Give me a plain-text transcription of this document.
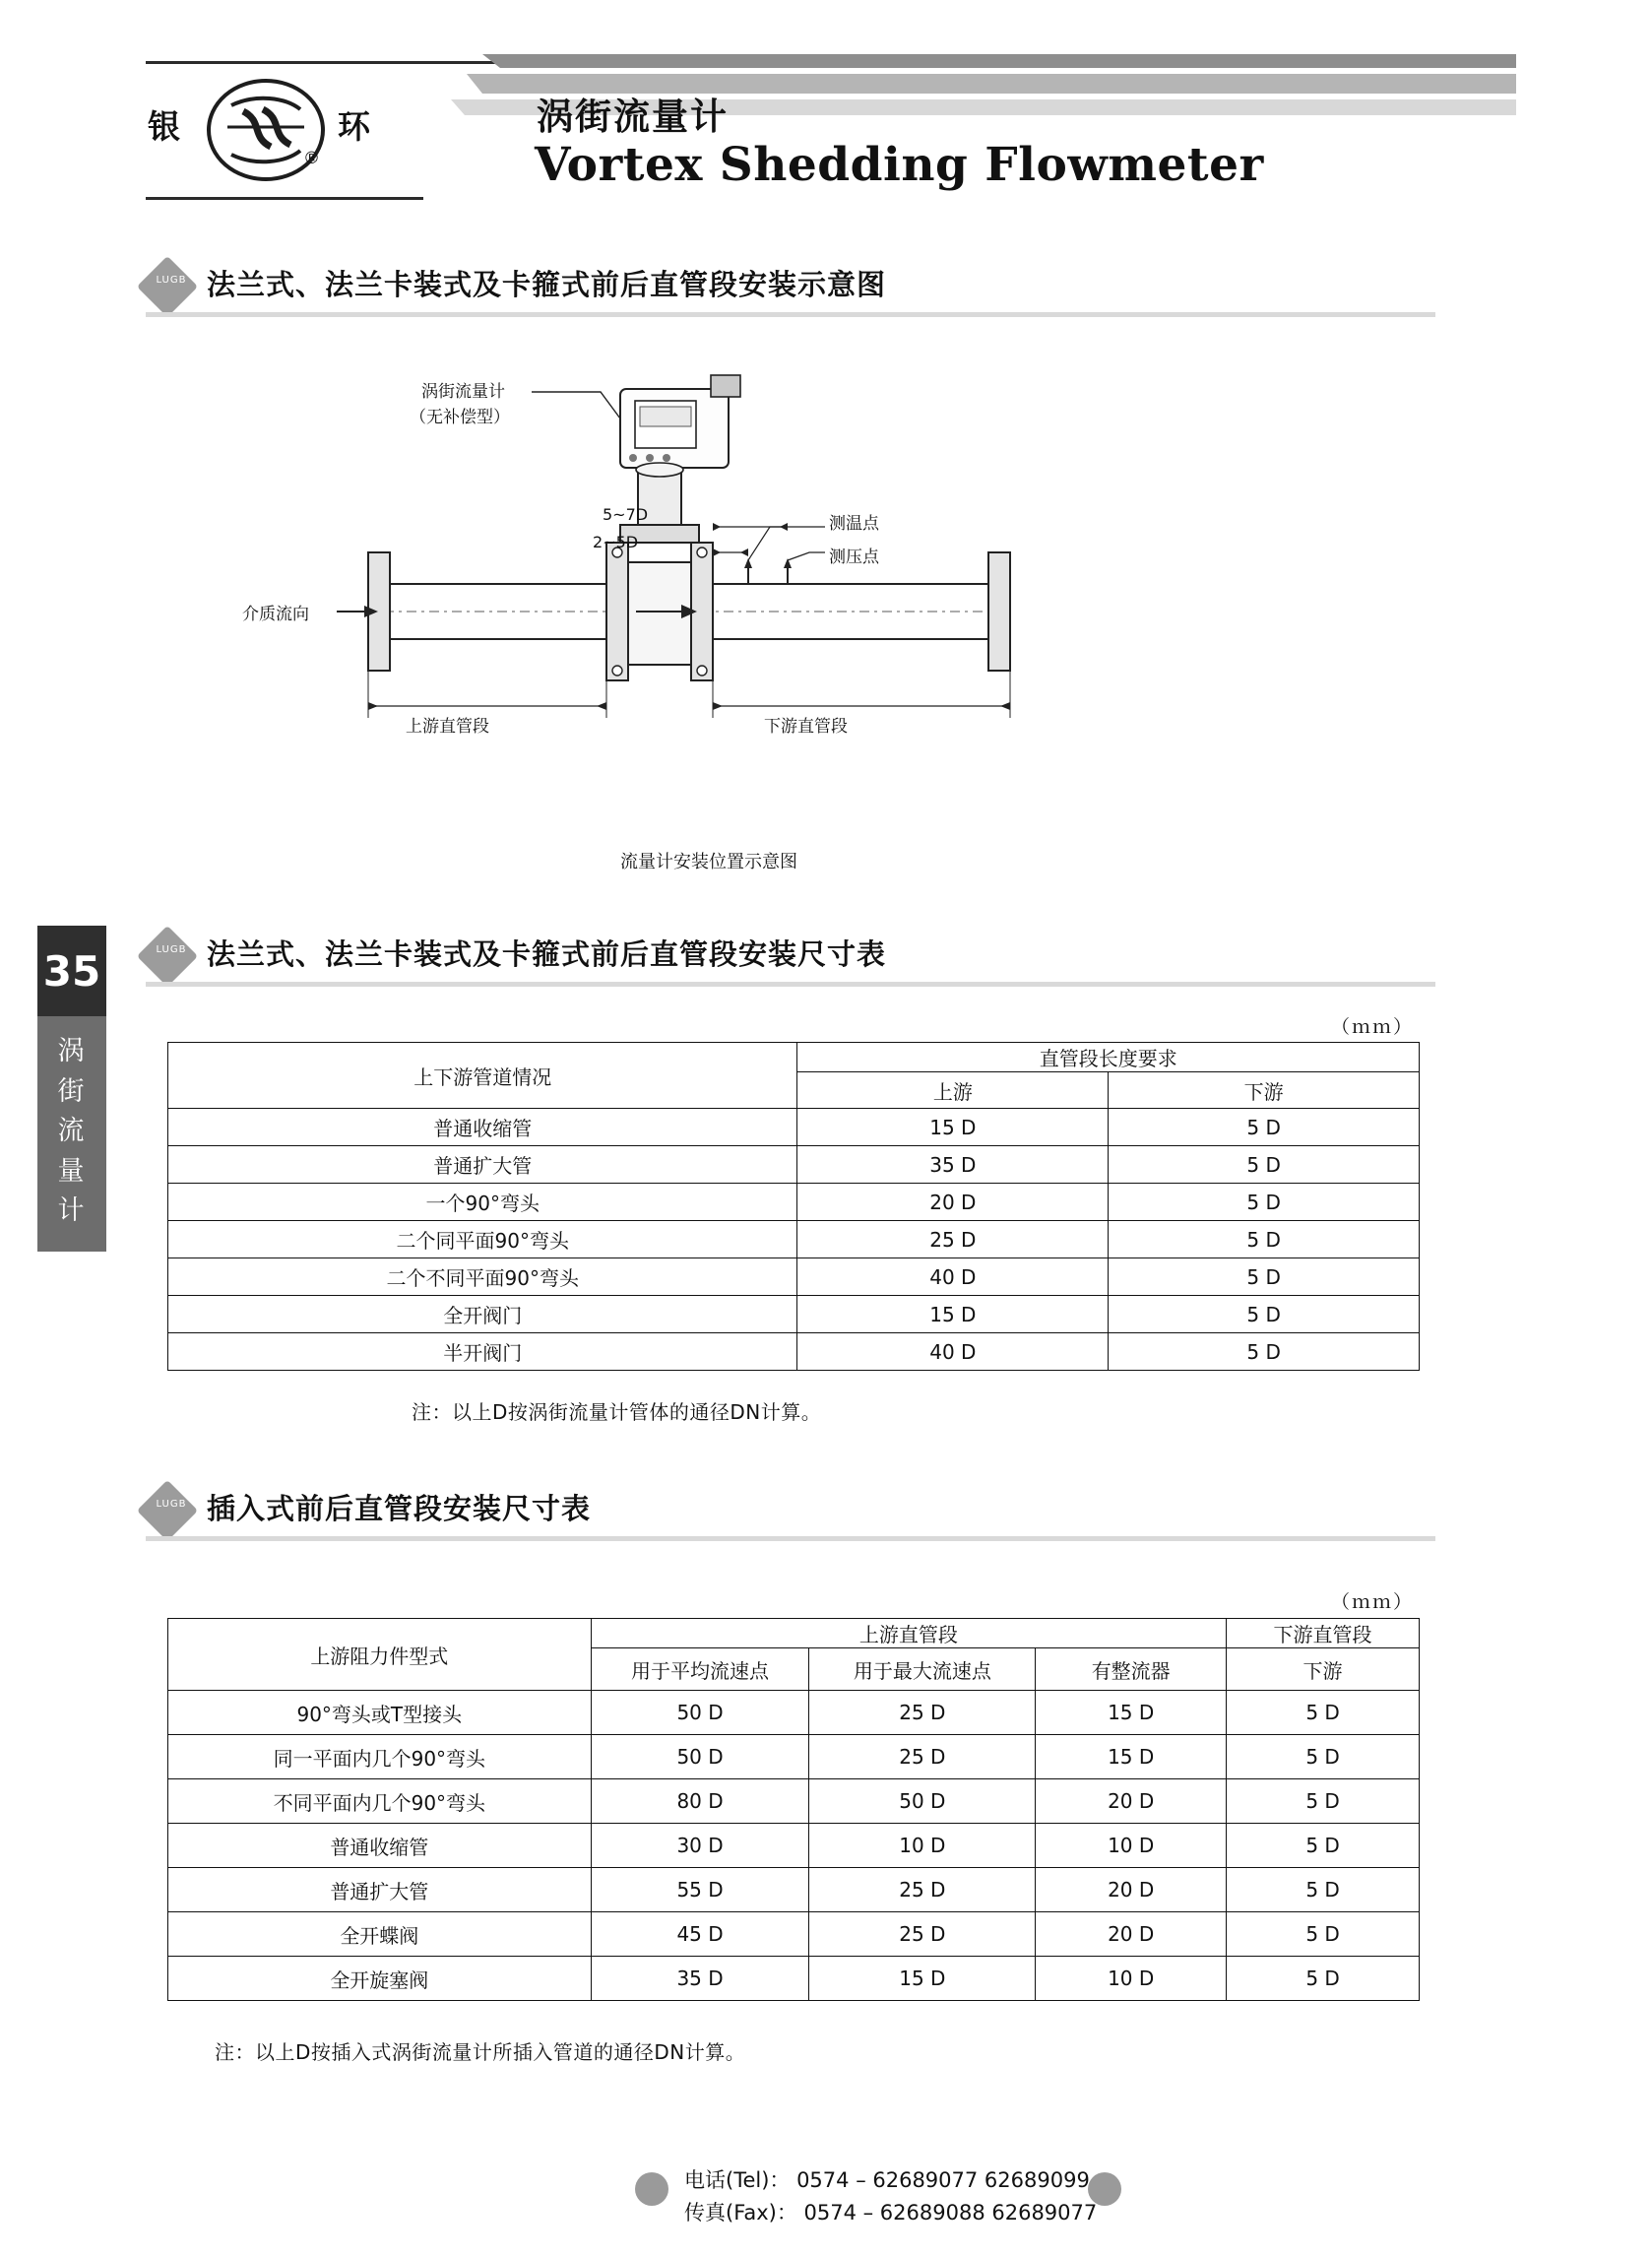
银	环
®
涡街流量计
Vortex Shedding Flowmeter
35
涡
街
流
量
计
LUGB 法兰式、法兰卡装式及卡箍式前后直管段安装示意图
涡街流量计
（无补偿型）
5~7D
2~5D
测温点
测压点
介质流向
上游直管段	下游直管段
流量计安装位置示意图
LUGB 法兰式、法兰卡装式及卡箍式前后直管段安装尺寸表
（ｍｍ）
上下游管道情况	直管段长度要求	
	上游	下游
普通收缩管	15 D	5 D
普通扩大管	35 D	5 D
一个90°弯头	20 D	5 D
二个同平面90°弯头	25 D	5 D
二个不同平面90°弯头	40 D	5 D
全开阀门	15 D	5 D
半开阀门	40 D	5 D
注：以上D按涡街流量计管体的通径DN计算。
LUGB 插入式前后直管段安装尺寸表
（ｍｍ）
上游阻力件型式	上游直管段			下游直管段
	用于平均流速点	用于最大流速点	有整流器	下游
90°弯头或T型接头	50 D	25 D	15 D	5 D
同一平面内几个90°弯头	50 D	25 D	15 D	5 D
不同平面内几个90°弯头	80 D	50 D	20 D	5 D
普通收缩管	30 D	10 D	10 D	5 D
普通扩大管	55 D	25 D	20 D	5 D
全开蝶阀	45 D	25 D	20 D	5 D
全开旋塞阀	35 D	15 D	10 D	5 D
注：以上D按插入式涡街流量计所插入管道的通径DN计算。
电话(Tel)： 0574 – 62689077 62689099
传真(Fax)： 0574 – 62689088 62689077
